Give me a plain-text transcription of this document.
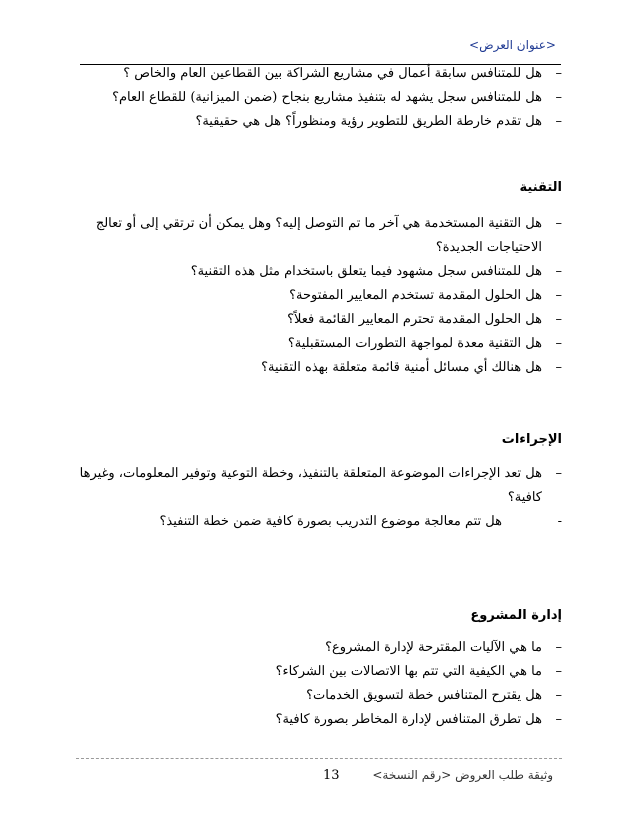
<عنوان العرض>
–
هل للمتنافس سابقة أعمال في مشاريع الشراكة بين القطاعين العام والخاص ؟
–
هل للمتنافس سجل يشهد له بتنفيذ مشاريع بنجاح (ضمن الميزانية) للقطاع العام؟
–
هل تقدم خارطة الطريق للتطوير رؤية ومنظوراً؟ هل هي حقيقية؟
التقنية
–
هل التقنية المستخدمة هي آخر ما تم التوصل إليه؟ وهل يمكن أن ترتقي إلى أو تعالج الاحتياجات الجديدة؟
–
هل للمتنافس سجل مشهود فيما يتعلق باستخدام مثل هذه التقنية؟
–
هل الحلول المقدمة تستخدم المعايير المفتوحة؟
–
هل الحلول المقدمة تحترم المعايير القائمة فعلاً؟
–
هل التقنية معدة لمواجهة التطورات المستقبلية؟
–
هل هنالك أي مسائل أمنية قائمة متعلقة بهذه التقنية؟
الإجراءات
–
هل تعد الإجراءات الموضوعة المتعلقة بالتنفيذ، وخطة التوعية وتوفير المعلومات، وغيرها كافية؟
-
هل تتم معالجة موضوع التدريب بصورة كافية ضمن خطة التنفيذ؟
إدارة المشروع
–
ما هي الآليات المقترحة لإدارة المشروع؟
–
ما هي الكيفية التي تتم بها الاتصالات بين الشركاء؟
–
هل يقترح المتنافس خطة لتسويق الخدمات؟
–
هل تطرق المتنافس لإدارة المخاطر بصورة كافية؟
وثيقة طلب العروض <رقم النسخة>
13
